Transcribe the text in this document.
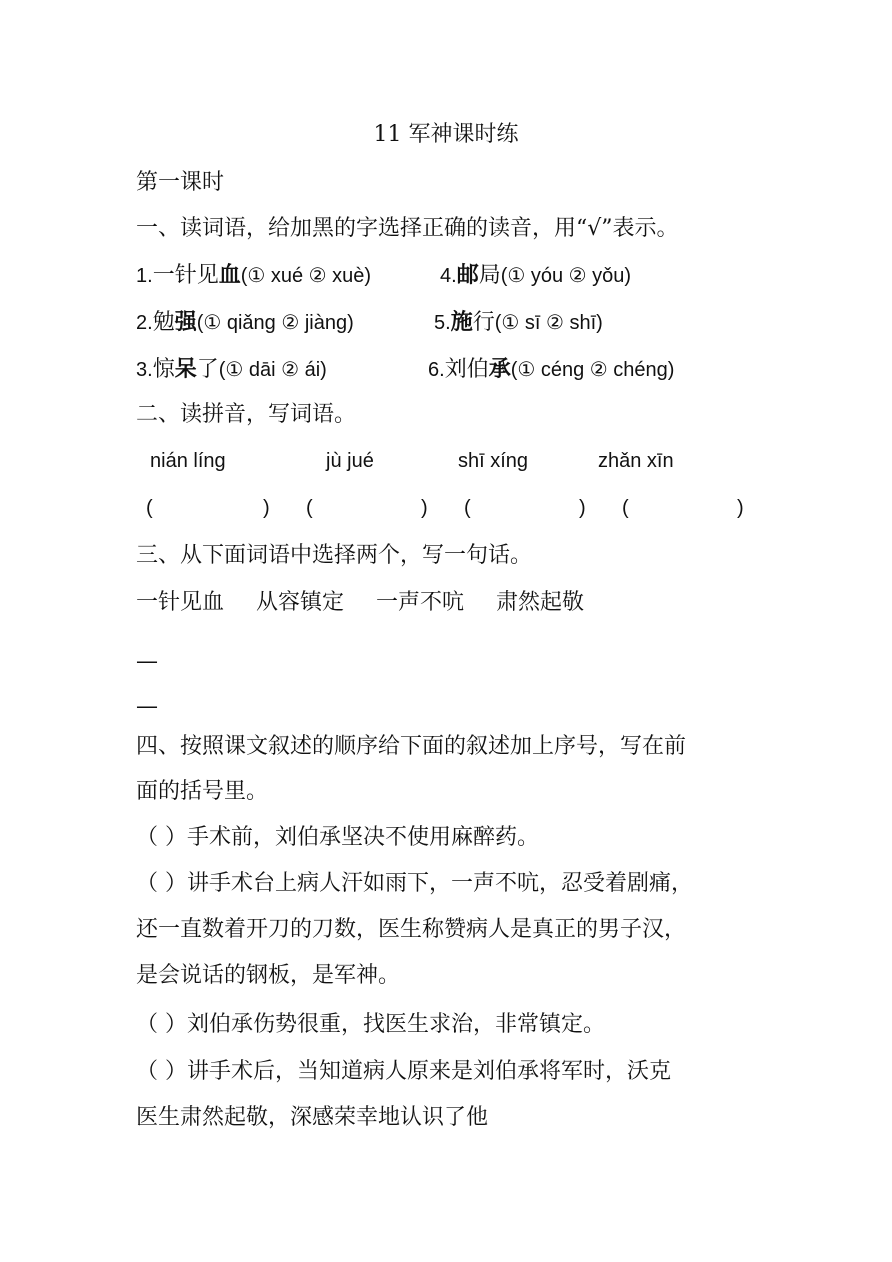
11 军神课时练
第一课时
一、读词语，给加黑的字选择正确的读音，用“√”表示。
1.一针见血(① xué ② xuè)	4.邮局(① yóu ② yǒu)
2.勉强(① qiǎng ② jiàng)	5.施行(① sī ② shī)
3.惊呆了(① dāi ② ái)	6.刘伯承(① céng ② chéng)
二、读拼音，写词语。
nián líng	jù jué	shī xíng	zhǎn xīn
(	) (	) (	) (	)
三、从下面词语中选择两个，写一句话。
一针见血 从容镇定 一声不吭 肃然起敬
—
—
四、按照课文叙述的顺序给下面的叙述加上序号，写在前
面的括号里。
（ ）手术前，刘伯承坚决不使用麻醉药。
（ ）讲手术台上病人汗如雨下，一声不吭，忍受着剧痛，
还一直数着开刀的刀数，医生称赞病人是真正的男子汉，
是会说话的钢板，是军神。
（ ）刘伯承伤势很重，找医生求治，非常镇定。
（ ）讲手术后，当知道病人原来是刘伯承将军时，沃克
医生肃然起敬，深感荣幸地认识了他
